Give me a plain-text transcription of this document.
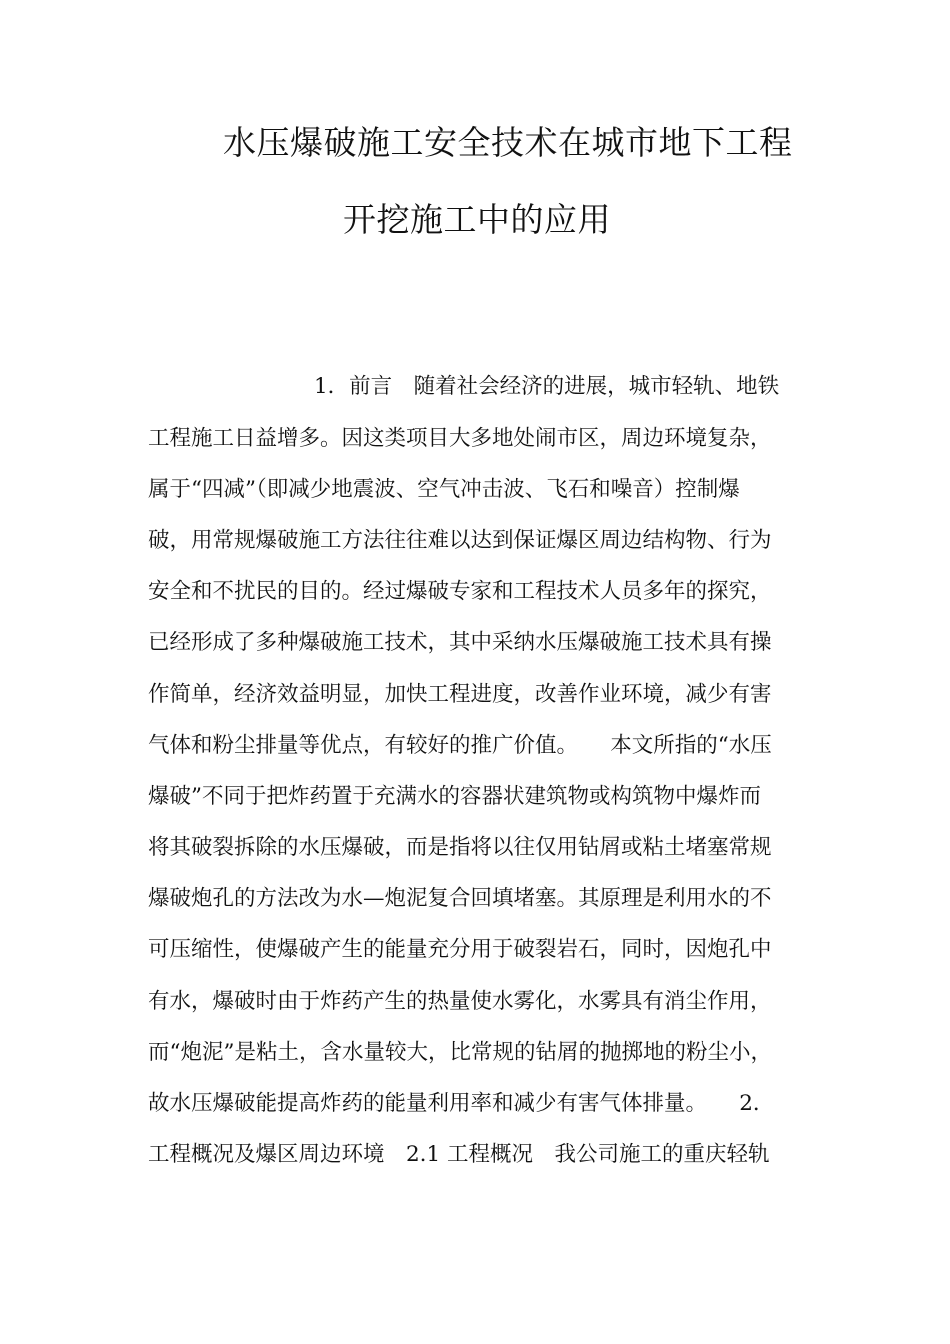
水压爆破施工安全技术在城市地下工程
开挖施工中的应用
1．前言　随着社会经济的进展，城市轻轨、地铁
工程施工日益增多。因这类项目大多地处闹市区，周边环境复杂，
属于“四减”（即减少地震波、空气冲击波、飞石和噪音）控制爆
破，用常规爆破施工方法往往难以达到保证爆区周边结构物、行为
安全和不扰民的目的。经过爆破专家和工程技术人员多年的探究，
已经形成了多种爆破施工技术，其中采纳水压爆破施工技术具有操
作简单，经济效益明显，加快工程进度，改善作业环境，减少有害
气体和粉尘排量等优点，有较好的推广价值。　　本文所指的“水压
爆破”不同于把炸药置于充满水的容器状建筑物或构筑物中爆炸而
将其破裂拆除的水压爆破，而是指将以往仅用钻屑或粘土堵塞常规
爆破炮孔的方法改为水—炮泥复合回填堵塞。其原理是利用水的不
可压缩性，使爆破产生的能量充分用于破裂岩石，同时，因炮孔中
有水，爆破时由于炸药产生的热量使水雾化，水雾具有消尘作用，
而“炮泥”是粘土，含水量较大，比常规的钻屑的抛掷地的粉尘小，
故水压爆破能提高炸药的能量利用率和减少有害气体排量。　　2．
工程概况及爆区周边环境　2.1 工程概况　我公司施工的重庆轻轨
